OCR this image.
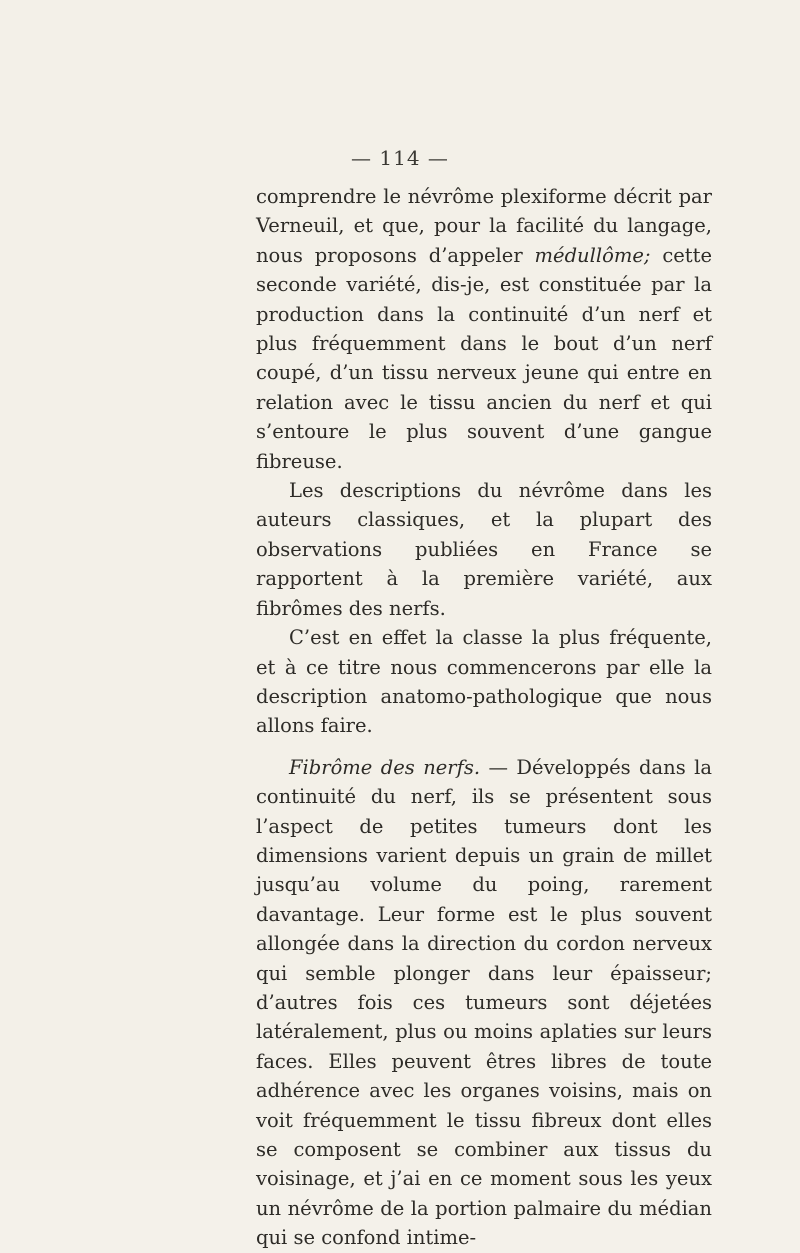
— 114 —

comprendre le névrôme plexiforme décrit par Verneuil, et que, pour la facilité du langage, nous proposons d’appeler médullôme; cette seconde variété, dis-je, est constituée par la production dans la continuité d’un nerf et plus fréquemment dans le bout d’un nerf coupé, d’un tissu nerveux jeune qui entre en relation avec le tissu ancien du nerf et qui s’entoure le plus souvent d’une gangue fibreuse.

Les descriptions du névrôme dans les auteurs classiques, et la plupart des observations publiées en France se rapportent à la première variété, aux fibrômes des nerfs.

C’est en effet la classe la plus fréquente, et à ce titre nous commencerons par elle la description anatomo-pathologique que nous allons faire.

Fibrôme des nerfs. — Développés dans la continuité du nerf, ils se présentent sous l’aspect de petites tumeurs dont les dimensions varient depuis un grain de millet jusqu’au volume du poing, rarement davantage. Leur forme est le plus souvent allongée dans la direction du cordon nerveux qui semble plonger dans leur épaisseur; d’autres fois ces tumeurs sont déjetées latéralement, plus ou moins aplaties sur leurs faces. Elles peuvent êtres libres de toute adhérence avec les organes voisins, mais on voit fréquemment le tissu fibreux dont elles se composent se combiner aux tissus du voisinage, et j’ai en ce moment sous les yeux un névrôme de la portion palmaire du médian qui se confond intime-
